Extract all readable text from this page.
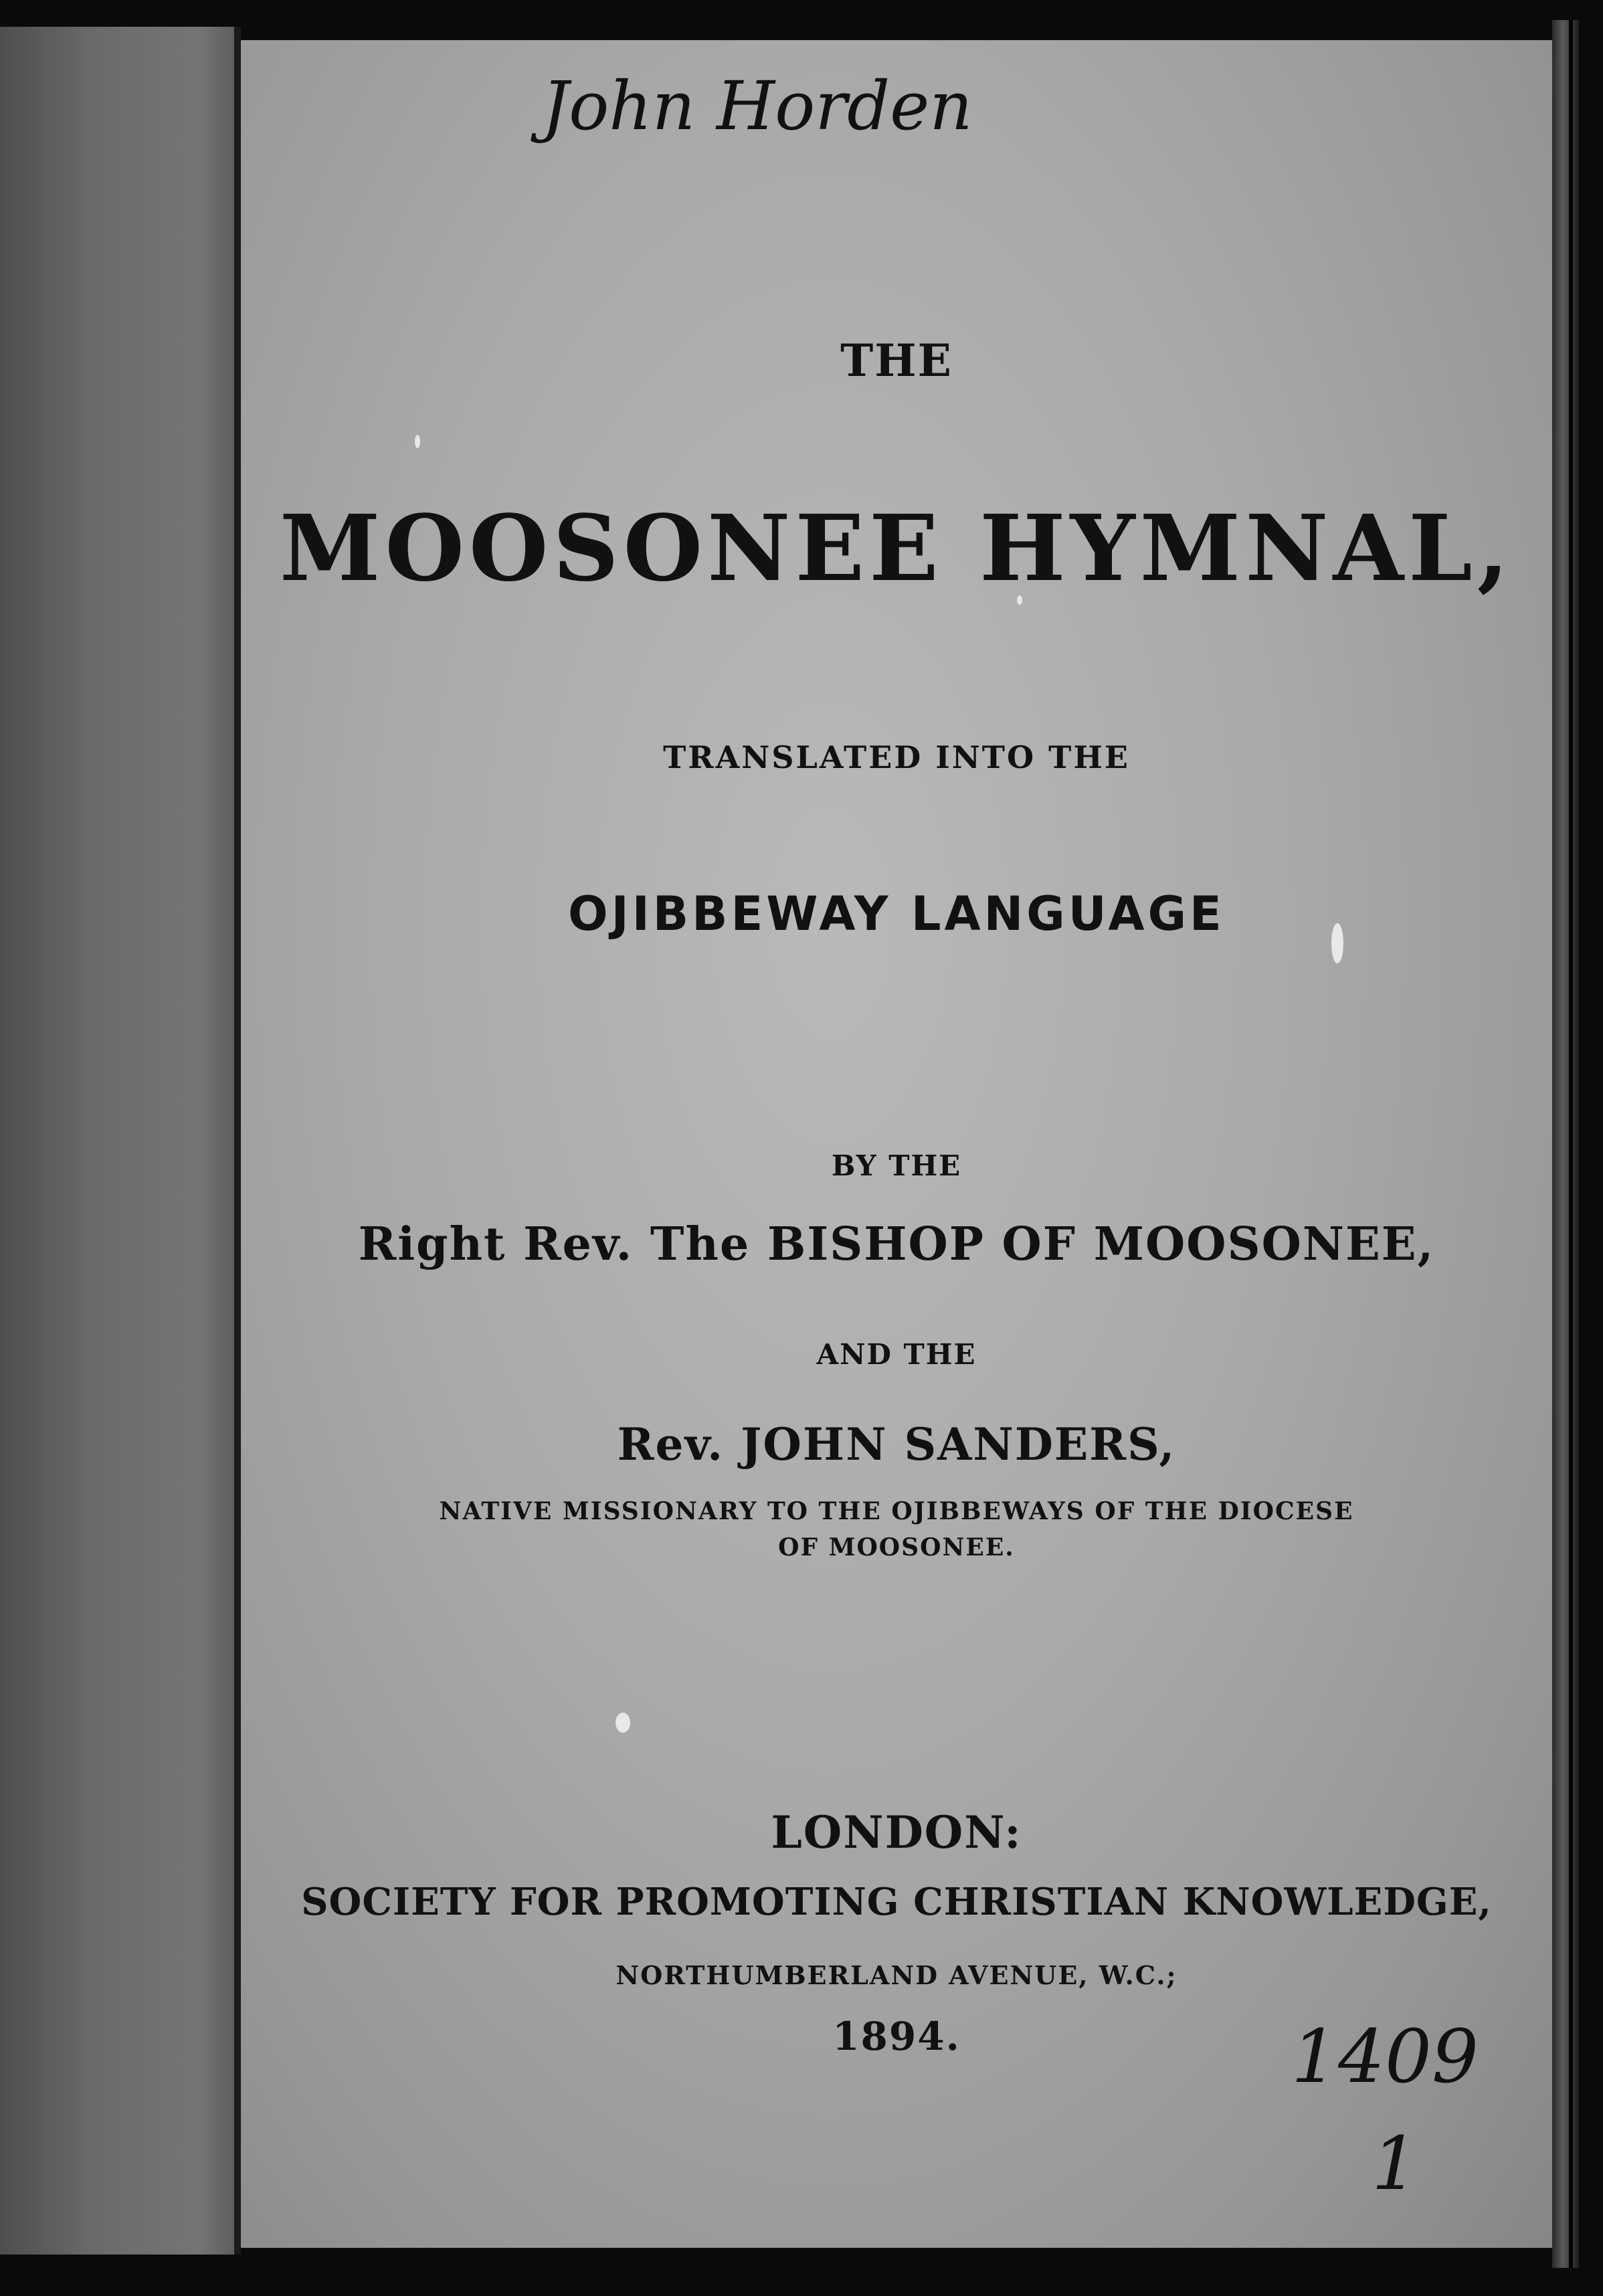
John Horden
THE
MOOSONEE HYMNAL,
TRANSLATED INTO THE
OJIBBEWAY LANGUAGE
BY THE
Right Rev. The BISHOP OF MOOSONEE,
AND THE
Rev. JOHN SANDERS,
NATIVE MISSIONARY TO THE OJIBBEWAYS OF THE DIOCESE
OF MOOSONEE.
LONDON:
SOCIETY FOR PROMOTING CHRISTIAN KNOWLEDGE,
NORTHUMBERLAND AVENUE, W.C.;
1894.	1409
1
